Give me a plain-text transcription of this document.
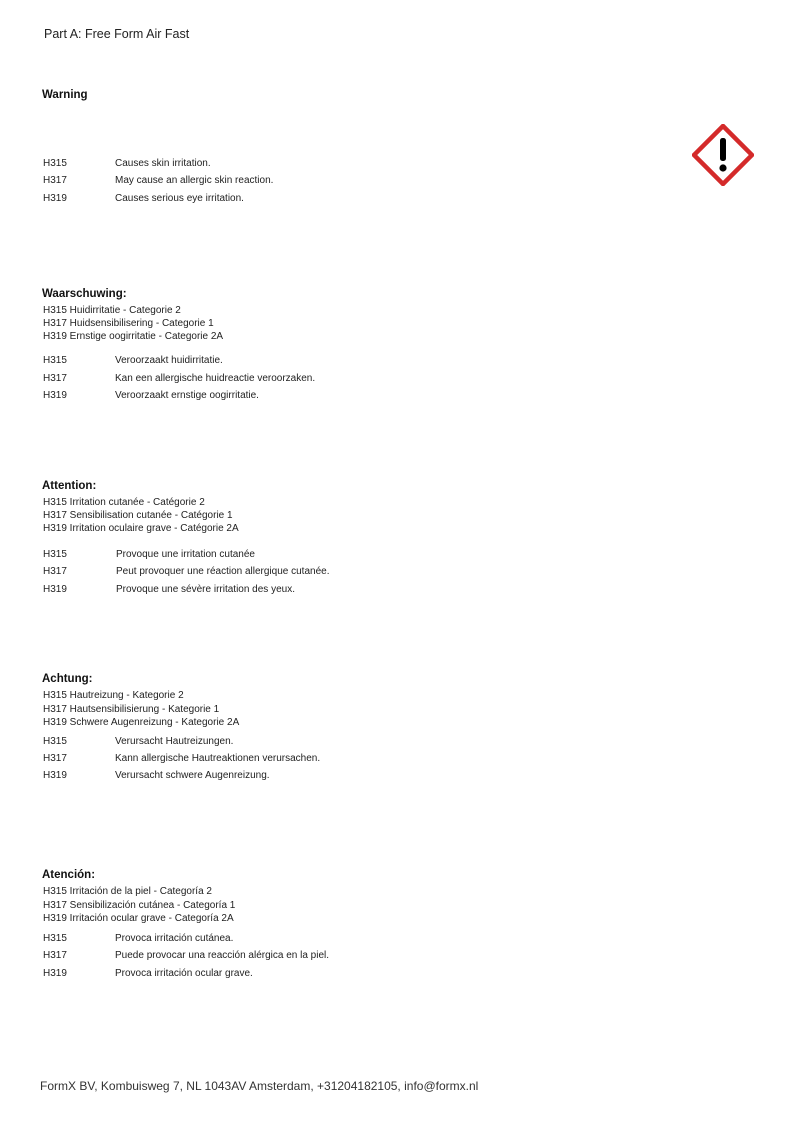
Part A: Free Form Air Fast
Warning
H315	Causes skin irritation.
H317	May cause an allergic skin reaction.
H319	Causes serious eye irritation.
Waarschuwing:
H315 Huidirritatie - Categorie 2
H317 Huidsensibilisering - Categorie 1
H319 Ernstige oogirritatie - Categorie 2A
H315	Veroorzaakt huidirritatie.
H317	Kan een allergische huidreactie veroorzaken.
H319	Veroorzaakt ernstige oogirritatie.
Attention:
H315 Irritation cutanée - Catégorie 2
H317 Sensibilisation cutanée - Catégorie 1
H319 Irritation oculaire grave - Catégorie 2A
H315	Provoque une irritation cutanée
H317	Peut provoquer une réaction allergique cutanée.
H319	Provoque une sévère irritation des yeux.
Achtung:
H315 Hautreizung - Kategorie 2
H317 Hautsensibilisierung - Kategorie 1
H319 Schwere Augenreizung - Kategorie 2A
H315	Verursacht Hautreizungen.
H317	Kann allergische Hautreaktionen verursachen.
H319	Verursacht schwere Augenreizung.
Atención:
H315 Irritación de la piel - Categoría 2
H317 Sensibilización cutánea - Categoría 1
H319 Irritación ocular grave - Categoría 2A
H315	Provoca irritación cutánea.
H317	Puede provocar una reacción alérgica en la piel.
H319	Provoca irritación ocular grave.
FormX BV, Kombuisweg 7, NL 1043AV Amsterdam, +31204182105, info@formx.nl
